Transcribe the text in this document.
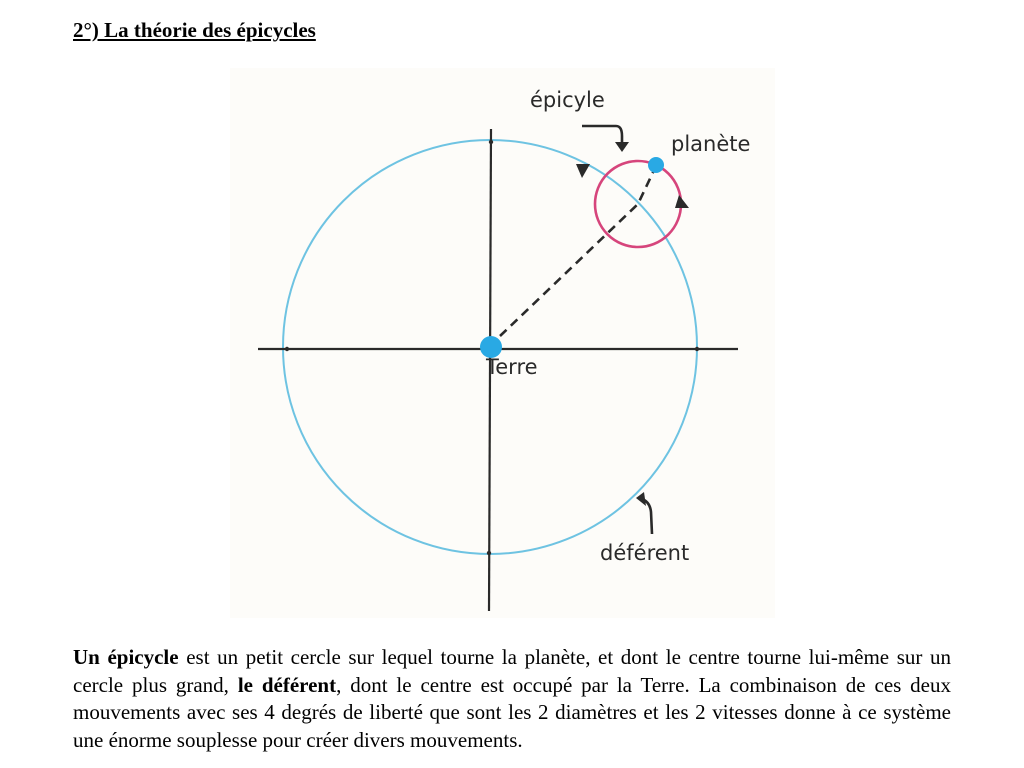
2°) La théorie des épicycles
épicyle
planète
Terre
déférent
Un épicycle est un petit cercle sur lequel tourne la planète, et dont le centre tourne lui-même sur un cercle plus grand, le déférent, dont le centre est occupé par la Terre. La combinaison de ces deux mouvements avec ses 4 degrés de liberté que sont les 2 diamètres et les 2 vitesses donne à ce système une énorme souplesse pour créer divers mouvements.
